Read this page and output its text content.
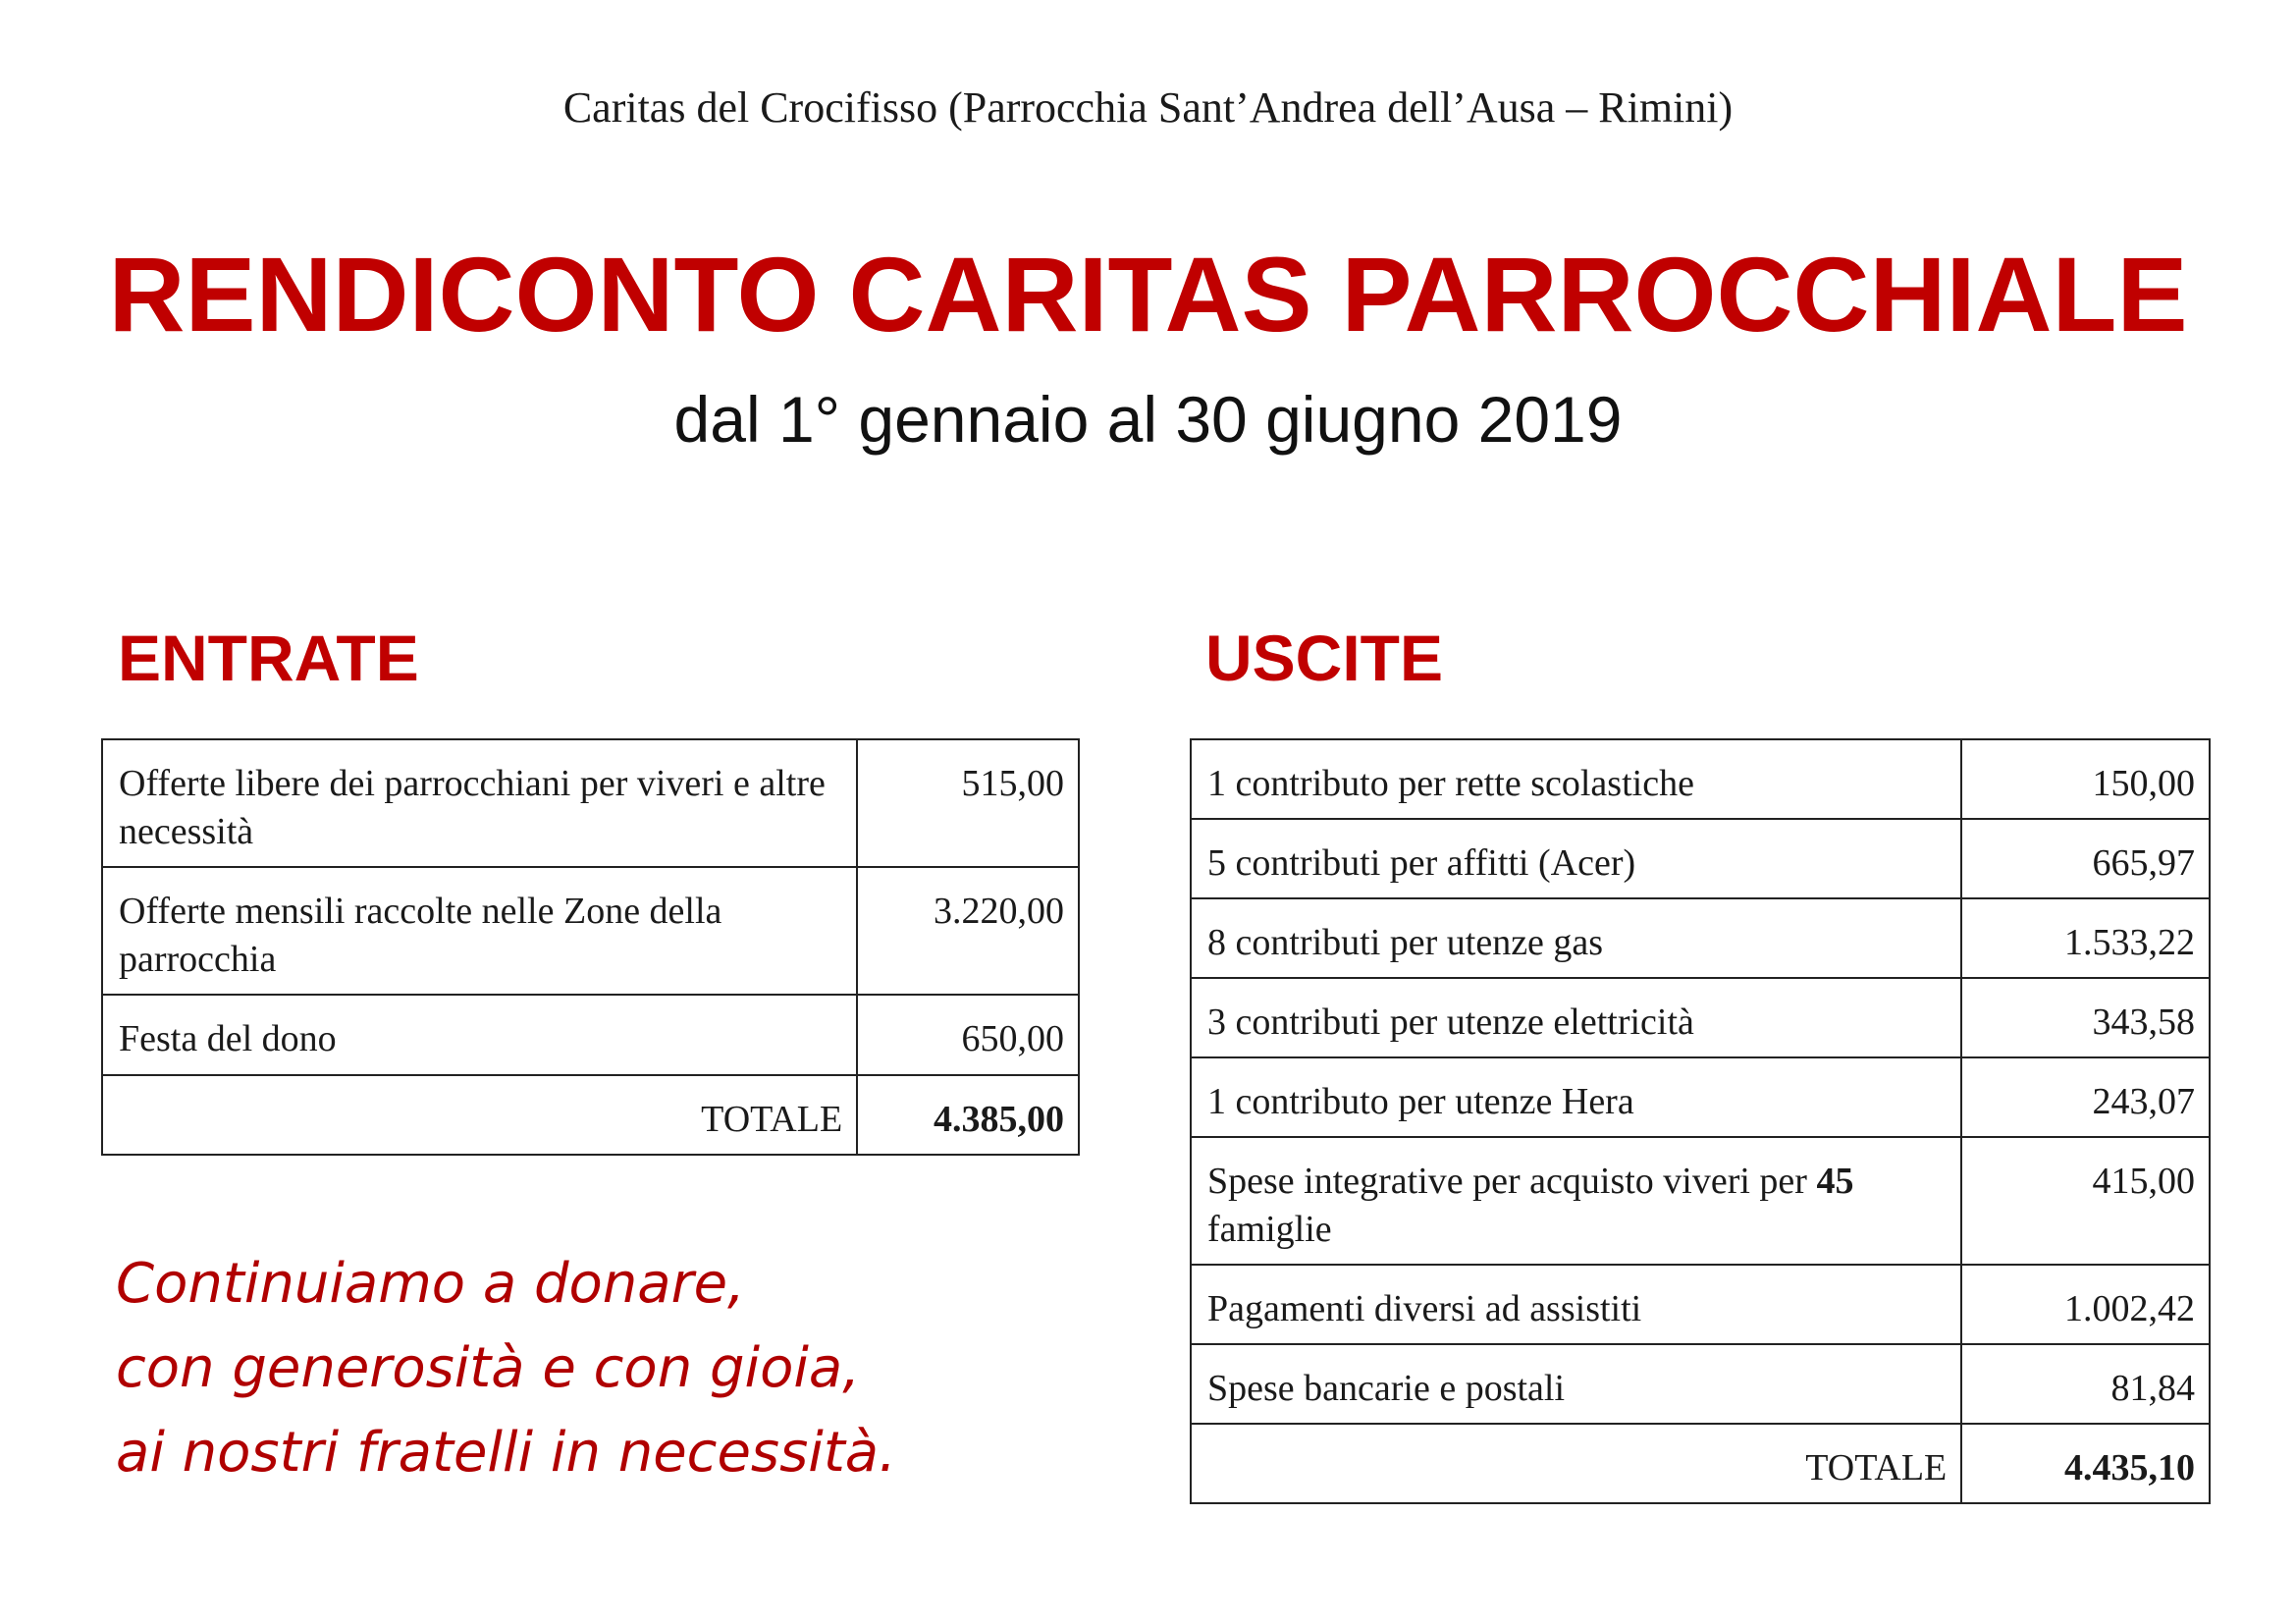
Caritas del Crocifisso (Parrocchia Sant’Andrea dell’Ausa – Rimini)
RENDICONTO CARITAS PARROCCHIALE
dal 1° gennaio al 30 giugno 2019
ENTRATE	USCITE
Offerte libere dei parrocchiani per viveri e altre necessità	515,00
Offerte mensili raccolte nelle Zone della parrocchia	3.220,00
Festa del dono	650,00
TOTALE	4.385,00
1 contributo per rette scolastiche	150,00
5 contributi per affitti (Acer)	665,97
8 contributi per utenze gas	1.533,22
3 contributi per utenze elettricità	343,58
1 contributo per utenze Hera	243,07
Spese integrative per acquisto viveri per 45 famiglie	415,00
Pagamenti diversi ad assistiti	1.002,42
Spese bancarie e postali	81,84
TOTALE	4.435,10
Continuiamo a donare,
con generosità e con gioia,
ai nostri fratelli in necessità.
